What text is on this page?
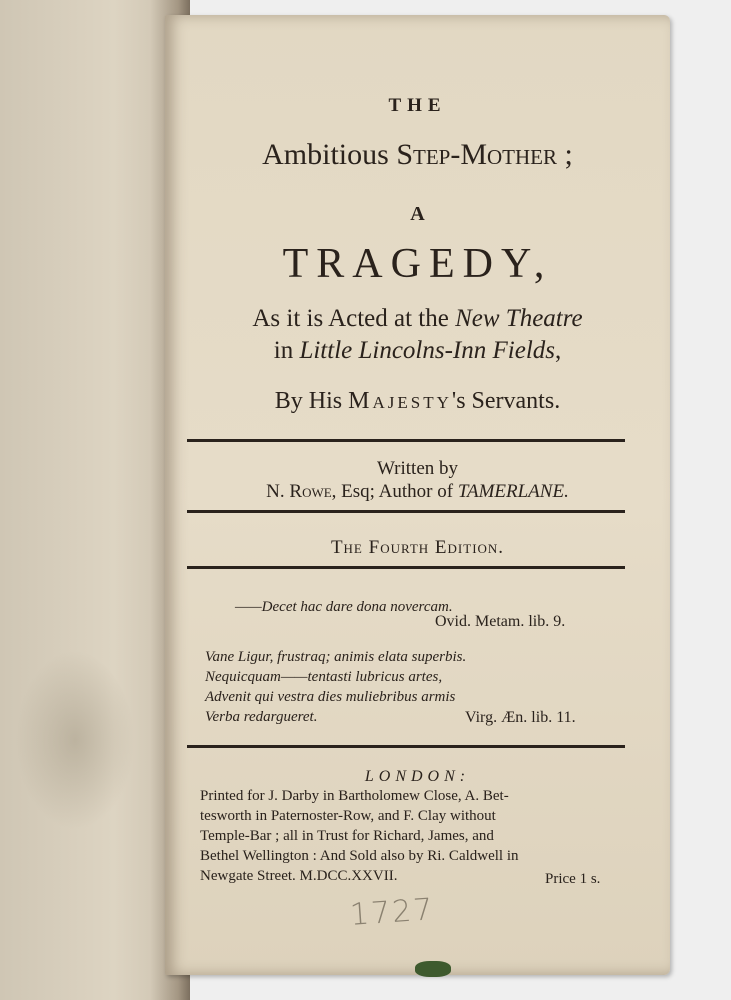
THE
Ambitious Step-Mother ;
A
TRAGEDY,
As it is Acted at the New Theatre
in Little Lincolns-Inn Fields,
By His Majesty's Servants.
Written by
N. Rowe, Esq; Author of TAMERLANE.
The Fourth Edition.
——Decet hac dare dona novercam.
Ovid. Metam. lib. 9.
Vane Ligur, frustraq; animis elata superbis.
Nequicquam——tentasti lubricus artes,
Advenit qui vestra dies muliebribus armis
Verba redargueret.	Virg. Æn. lib. 11.
LONDON:
Printed for J. Darby in Bartholomew Close, A. Bet-
tesworth in Paternoster-Row, and F. Clay without
Temple-Bar ; all in Trust for Richard, James, and
Bethel Wellington : And Sold also by Ri. Caldwell in
Newgate Street. M.DCC.XXVII.	Price 1 s.
1727
